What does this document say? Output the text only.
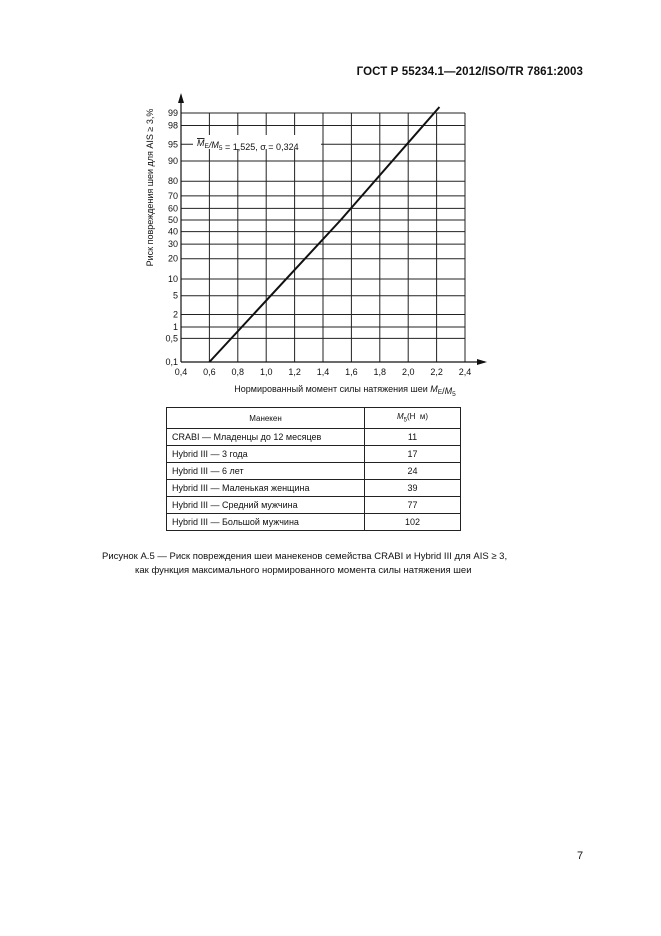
ГОСТ Р 55234.1—2012/ISO/TR 7861:2003
0,4 0,6 0,8 1,0 1,2 1,4 1,6 1,8 2,0 2,2 2,4
0,1
0,5
1
2
5
10
20
30
40
50
60
70
80
90
95
98
99
Риск повреждения шеи для AIS ≥ 3,%
Нормированный момент силы натяжения шеи $M_E/M_5$
$M_E/M_5 = 1,525$, σ = 0,324
Манекен	$M_5(Н$  м)
CRABI — Младенцы до 12 месяцев	11
Hybrid III — 3 года	17
Hybrid III — 6 лет	24
Hybrid III — Маленькая женщина	39
Hybrid III — Средний мужчина	77
Hybrid III — Большой мужчина	102
Рисунок А.5 — Риск повреждения шеи манекенов семейства CRABI и Hybrid III для AIS ≥ 3,
как функция максимального нормированного момента силы натяжения шеи
7
